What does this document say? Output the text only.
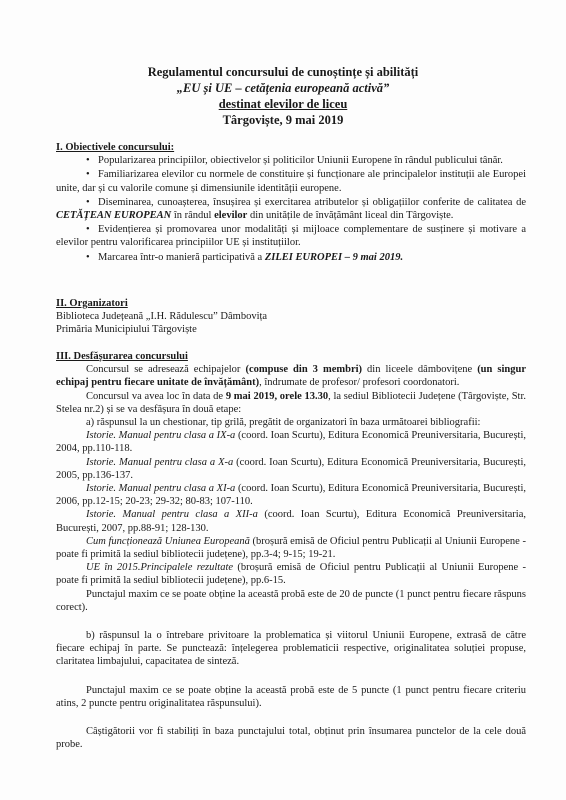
Regulamentul concursului de cunoștințe și abilități
„EU și UE – cetățenia europeană activă”
destinat elevilor de liceu
Târgoviște, 9 mai 2019
I. Obiectivele concursului:

• Popularizarea principiilor, obiectivelor și politicilor Uniunii Europene în rândul publicului tânăr.

• Familiarizarea elevilor cu normele de constituire și funcționare ale principalelor instituții ale Europei unite, dar și cu valorile comune și dimensiunile identității europene.

• Diseminarea, cunoașterea, însușirea și exercitarea atributelor și obligațiilor conferite de calitatea de CETĂȚEAN EUROPEAN în rândul elevilor din unitățile de învățământ liceal din Târgoviște.

• Evidențierea și promovarea unor modalități și mijloace complementare de susținere și motivare a elevilor pentru valorificarea principiilor UE și instituțiilor.

• Marcarea într-o manieră participativă a ZILEI EUROPEI – 9 mai 2019.

II. Organizatori
Biblioteca Județeană „I.H. Rădulescu” Dâmbovița
Primăria Municipiului Târgoviște
III. Desfășurarea concursului

Concursul se adresează echipajelor (compuse din 3 membri) din liceele dâmbovițene (un singur echipaj pentru fiecare unitate de învățământ), îndrumate de profesor/ profesori coordonatori.

Concursul va avea loc în data de 9 mai 2019, orele 13.30, la sediul Bibliotecii Județene (Târgoviște, Str. Stelea nr.2) și se va desfășura în două etape:

a) răspunsul la un chestionar, tip grilă, pregătit de organizatori în baza următoarei bibliografii:

Istorie. Manual pentru clasa a IX-a (coord. Ioan Scurtu), Editura Economică Preuniversitaria, București, 2004, pp.110-118.

Istorie. Manual pentru clasa a X-a (coord. Ioan Scurtu), Editura Economică Preuniversitaria, București, 2005, pp.136-137.

Istorie. Manual pentru clasa a XI-a (coord. Ioan Scurtu), Editura Economică Preuniversitaria, București, 2006, pp.12-15; 20-23; 29-32; 80-83; 107-110.

Istorie. Manual pentru clasa a XII-a (coord. Ioan Scurtu), Editura Economică Preuniversitaria, București, 2007, pp.88-91; 128-130.

Cum funcționează Uniunea Europeană (broșură emisă de Oficiul pentru Publicații al Uniunii Europene - poate fi primită la sediul bibliotecii județene), pp.3-4; 9-15; 19-21.

UE în 2015.Principalele rezultate (broșură emisă de Oficiul pentru Publicații al Uniunii Europene - poate fi primită la sediul bibliotecii județene), pp.6-15.

Punctajul maxim ce se poate obține la această probă este de 20 de puncte (1 punct pentru fiecare răspuns corect).

b) răspunsul la o întrebare privitoare la problematica și viitorul Uniunii Europene, extrasă de către fiecare echipaj în parte. Se punctează: înțelegerea problematicii respective, originalitatea soluției propuse, claritatea limbajului, capacitatea de sinteză.

Punctajul maxim ce se poate obține la această probă este de 5 puncte (1 punct pentru fiecare criteriu atins, 2 puncte pentru originalitatea răspunsului).

Câștigătorii vor fi stabiliți în baza punctajului total, obținut prin însumarea punctelor de la cele două probe.
